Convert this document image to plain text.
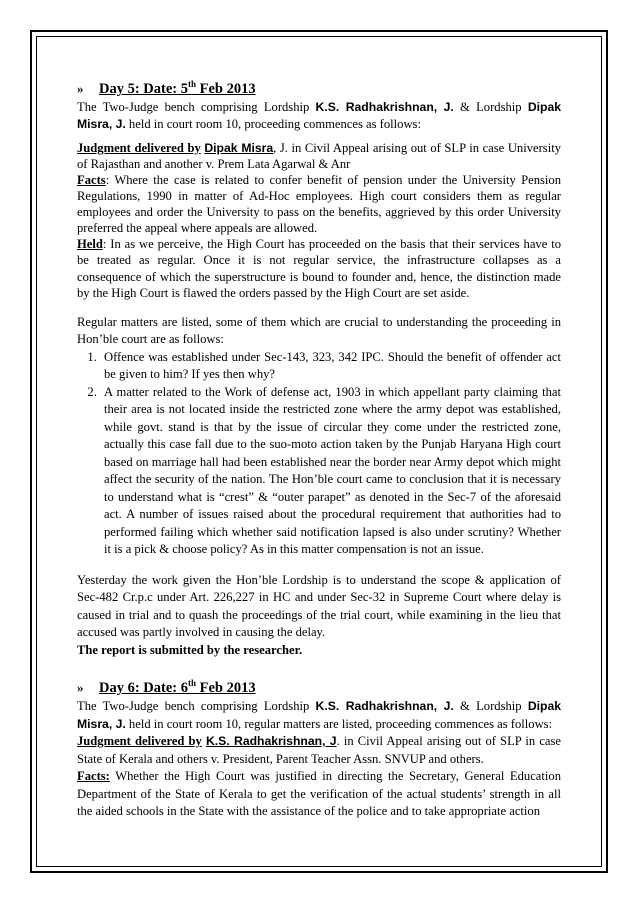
» Day 5: Date: 5th Feb 2013

The Two-Judge bench comprising Lordship K.S. Radhakrishnan, J. & Lordship Dipak Misra, J. held in court room 10, proceeding commences as follows:

Judgment delivered by Dipak Misra, J. in Civil Appeal arising out of SLP in case University of Rajasthan and another v. Prem Lata Agarwal & Anr

Facts: Where the case is related to confer benefit of pension under the University Pension Regulations, 1990 in matter of Ad-Hoc employees. High court considers them as regular employees and order the University to pass on the benefits, aggrieved by this order University preferred the appeal where appeals are allowed.

Held: In as we perceive, the High Court has proceeded on the basis that their services have to be treated as regular. Once it is not regular service, the infrastructure collapses as a consequence of which the superstructure is bound to founder and, hence, the distinction made by the High Court is flawed the orders passed by the High Court are set aside.

Regular matters are listed, some of them which are crucial to understanding the proceeding in Hon’ble court are as follows:

1. Offence was established under Sec-143, 323, 342 IPC. Should the benefit of offender act be given to him? If yes then why?
2. A matter related to the Work of defense act, 1903 in which appellant party claiming that their area is not located inside the restricted zone where the army depot was established, while govt. stand is that by the issue of circular they come under the restricted zone, actually this case fall due to the suo-moto action taken by the Punjab Haryana High court based on marriage hall had been established near the border near Army depot which might affect the security of the nation. The Hon’ble court came to conclusion that it is necessary to understand what is “crest” & “outer parapet” as denoted in the Sec-7 of the aforesaid act. A number of issues raised about the procedural requirement that authorities had to performed failing which whether said notification lapsed is also under scrutiny? Whether it is a pick & choose policy? As in this matter compensation is not an issue.

Yesterday the work given the Hon’ble Lordship is to understand the scope & application of Sec-482 Cr.p.c under Art. 226,227 in HC and under Sec-32 in Supreme Court where delay is caused in trial and to quash the proceedings of the trial court, while examining in the lieu that accused was partly involved in causing the delay.

The report is submitted by the researcher.

» Day 6: Date: 6th Feb 2013

The Two-Judge bench comprising Lordship K.S. Radhakrishnan, J. & Lordship Dipak Misra, J. held in court room 10, regular matters are listed, proceeding commences as follows:

Judgment delivered by K.S. Radhakrishnan, J. in Civil Appeal arising out of SLP in case State of Kerala and others v. President, Parent Teacher Assn. SNVUP and others.

Facts: Whether the High Court was justified in directing the Secretary, General Education Department of the State of Kerala to get the verification of the actual students’ strength in all the aided schools in the State with the assistance of the police and to take appropriate action
